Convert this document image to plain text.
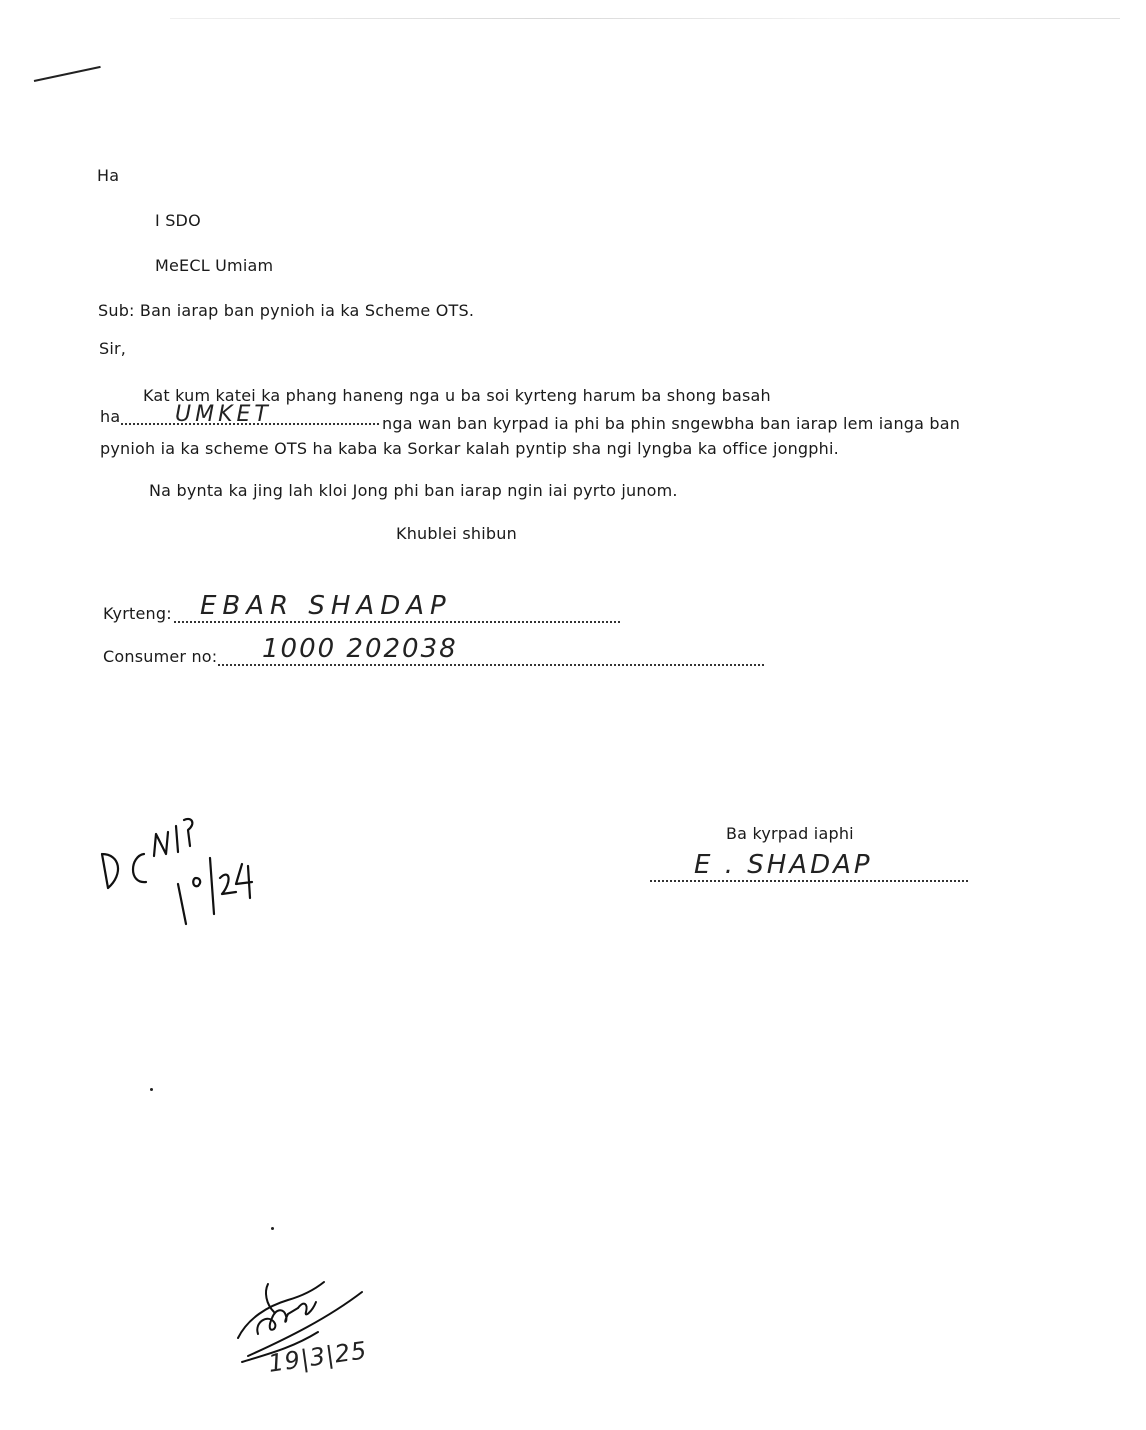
Ha
I SDO
MeECL Umiam
Sub: Ban iarap ban pynioh ia ka Scheme OTS.
Sir,
Kat kum katei ka phang haneng nga u ba soi kyrteng harum ba shong basah
ha UMKET	nga wan ban kyrpad ia phi ba phin sngewbha ban iarap lem ianga ban
pynioh ia ka scheme OTS ha kaba ka Sorkar kalah pyntip sha ngi lyngba ka office jongphi.
Na bynta ka jing lah kloi Jong phi ban iarap ngin iai pyrto junom.
Khublei shibun
Kyrteng: EBAR SHADAP
Consumer no: 1000 202038
Ba kyrpad iaphi
E . SHADAP
19|3|25
